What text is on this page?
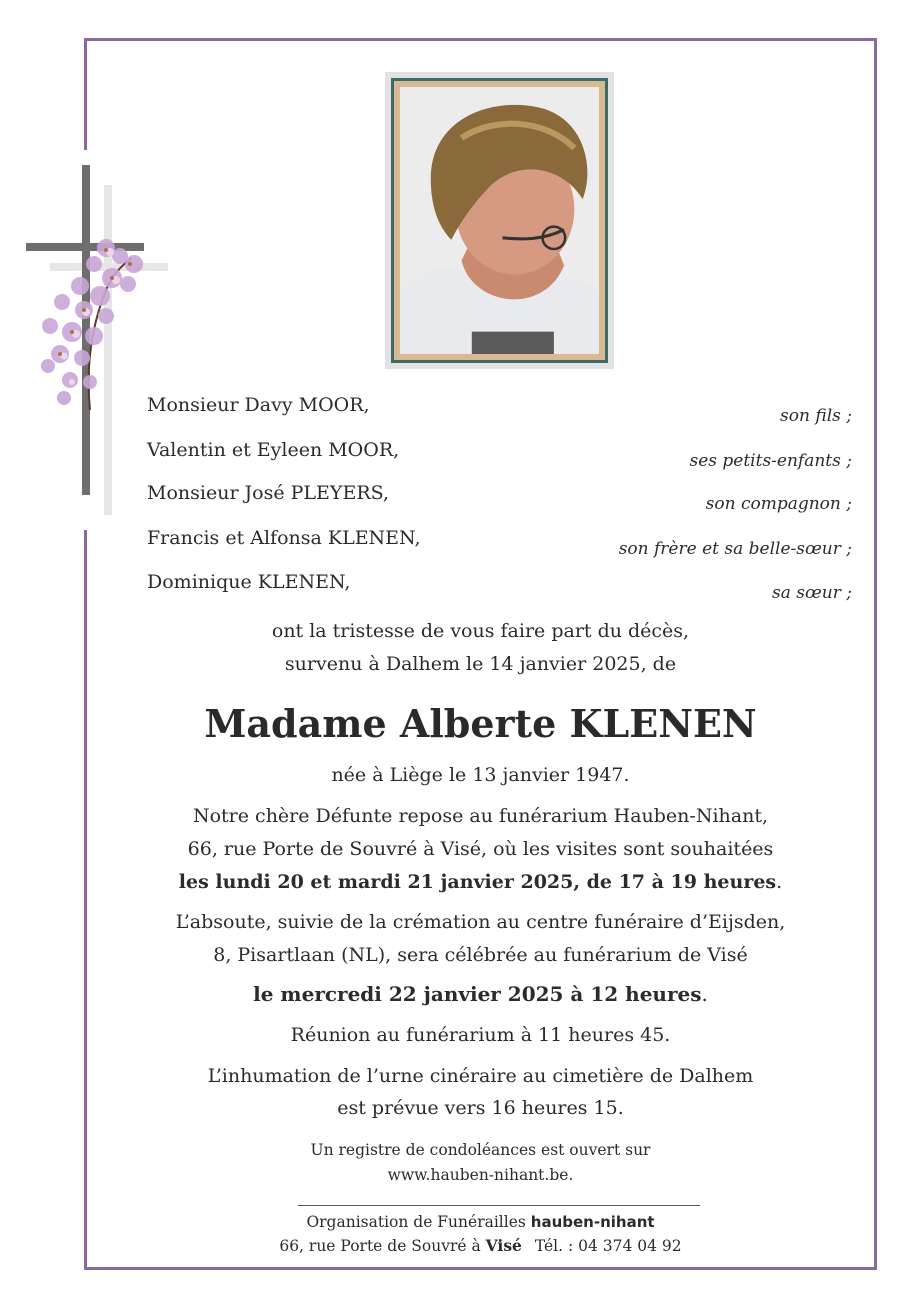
Monsieur Davy MOOR,	son fils ;
Valentin et Eyleen MOOR,	ses petits-enfants ;
Monsieur José PLEYERS,	son compagnon ;
Francis et Alfonsa KLENEN,	son frère et sa belle-sœur ;
Dominique KLENEN,	sa sœur ;
ont la tristesse de vous faire part du décès,
survenu à Dalhem le 14 janvier 2025, de
Madame Alberte KLENEN
née à Liège le 13 janvier 1947.
Notre chère Défunte repose au funérarium Hauben-Nihant,
66, rue Porte de Souvré à Visé, où les visites sont souhaitées
les lundi 20 et mardi 21 janvier 2025, de 17 à 19 heures.
L’absoute, suivie de la crémation au centre funéraire d’Eijsden,
8, Pisartlaan (NL), sera célébrée au funérarium de Visé
le mercredi 22 janvier 2025 à 12 heures.
Réunion au funérarium à 11 heures 45.
L’inhumation de l’urne cinéraire au cimetière de Dalhem
est prévue vers 16 heures 15.
Un registre de condoléances est ouvert sur
www.hauben-nihant.be.
Organisation de Funérailles hauben-nihant
66, rue Porte de Souvré à Visé Tél. : 04 374 04 92
